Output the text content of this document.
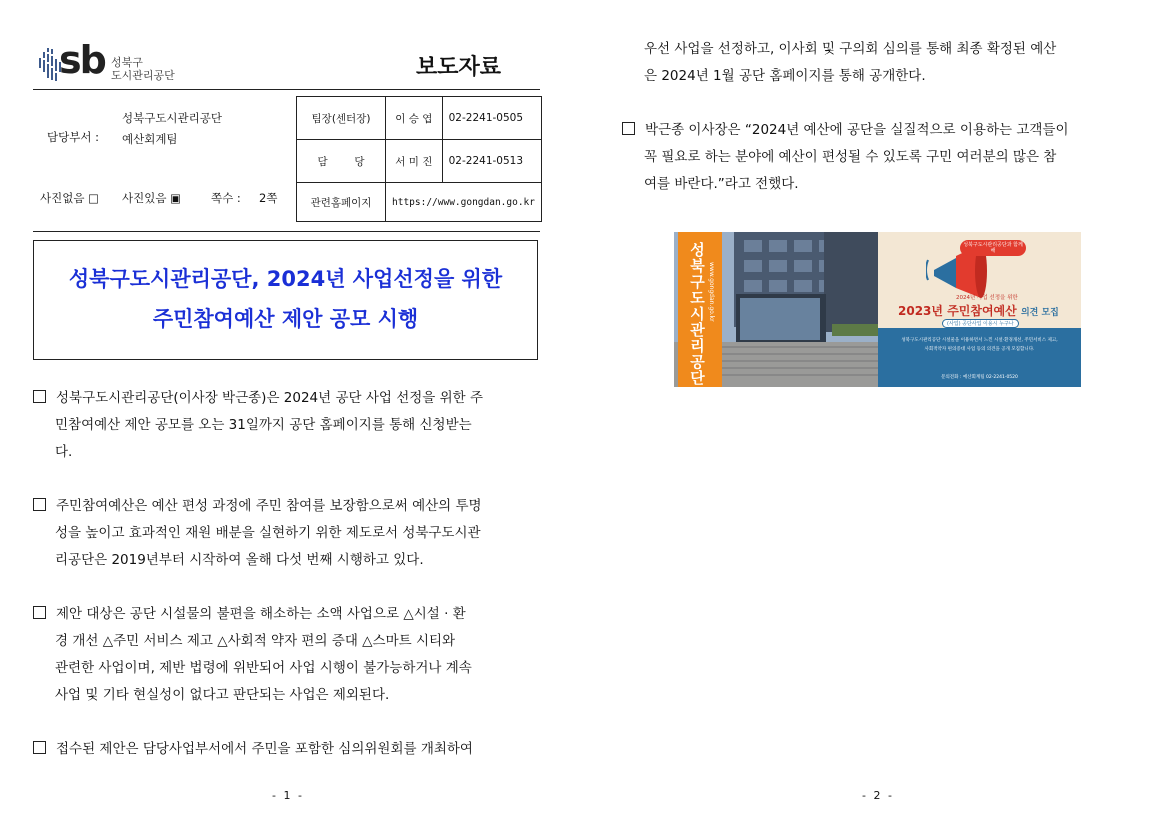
sb 성북구
도시관리공단	보도자료
성북구도시관리공단
담당부서 : 예산회계팀
사진없음 □ 사진있음 ▣	쪽수 : 2쪽
팀장(센터장)	이 승 엽	02-2241-0505
담        당	서 미 진	02-2241-0513
관련홈페이지	https://www.gongdan.go.kr	
성북구도시관리공단, 2024년 사업선정을 위한
주민참여예산 제안 공모 시행
성북구도시관리공단(이사장 박근종)은 2024년 공단 사업 선정을 위한 주
민참여예산 제안 공모를 오는 31일까지 공단 홈페이지를 통해 신청받는
다.
주민참여예산은 예산 편성 과정에 주민 참여를 보장함으로써 예산의 투명
성을 높이고 효과적인 재원 배분을 실현하기 위한 제도로서 성북구도시관
리공단은 2019년부터 시작하여 올해 다섯 번째 시행하고 있다.
제안 대상은 공단 시설물의 불편을 해소하는 소액 사업으로 △시설 · 환
경 개선 △주민 서비스 제고 △사회적 약자 편의 증대 △스마트 시티와
관련한 사업이며, 제반 법령에 위반되어 사업 시행이 불가능하거나 계속
사업 및 기타 현실성이 없다고 판단되는 사업은 제외된다.
접수된 제안은 담당사업부서에서 주민을 포함한 심의위원회를 개최하여
- 1 -
우선 사업을 선정하고, 이사회 및 구의회 심의를 통해 최종 확정된 예산
은 2024년 1월 공단 홈페이지를 통해 공개한다.
박근종 이사장은 “2024년 예산에 공단을 실질적으로 이용하는 고객들이
꼭 필요로 하는 분야에 예산이 편성될 수 있도록 구민 여러분의 많은 참
여를 바란다.”라고 전했다.
성북구도시관리공단 www.gongdan.go.kr
성북구도시관리공단과 함께 해
2024년 사업 선정을 위한
2023년 주민참여예산 의견 모집
(사업) 공단사업 이용시 누구나
성북구도시관리공단 시설물을 이용하면서 느낀 시설·환경개선, 주민서비스 제고,
사회적약자 편의증대 사업 등의 의견을 공개 모집합니다.
문의전화 : 예산회계팀 02-2241-0520
- 2 -
